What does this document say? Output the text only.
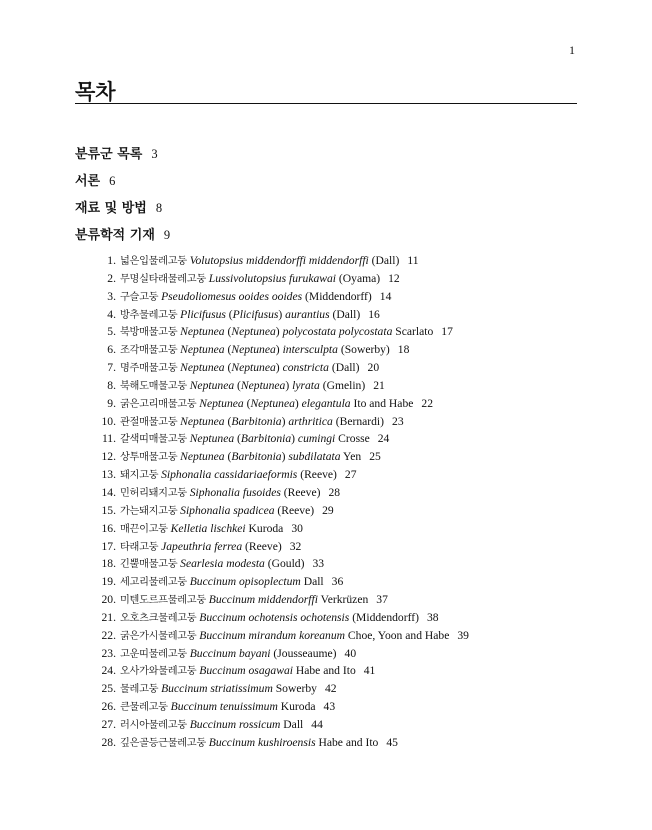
1
목차
분류군 목록 3
서론 6
재료 및 방법 8
분류학적 기재 9
1. 넓은입물레고둥 Volutopsius middendorffi middendorffi (Dall) 11
2. 무명실타래물레고둥 Lussivolutopsius furukawai (Oyama) 12
3. 구슬고둥 Pseudoliomesus ooides ooides (Middendorff) 14
4. 방추물레고둥 Plicifusus (Plicifusus) aurantius (Dall) 16
5. 북방매물고둥 Neptunea (Neptunea) polycostata polycostata Scarlato 17
6. 조각매물고둥 Neptunea (Neptunea) intersculpta (Sowerby) 18
7. 명주매물고둥 Neptunea (Neptunea) constricta (Dall) 20
8. 북해도매물고둥 Neptunea (Neptunea) lyrata (Gmelin) 21
9. 굵은고리매물고둥 Neptunea (Neptunea) elegantula Ito and Habe 22
10. 관절매물고둥 Neptunea (Barbitonia) arthritica (Bernardi) 23
11. 갈색띠매물고둥 Neptunea (Barbitonia) cumingi Crosse 24
12. 상투매물고둥 Neptunea (Barbitonia) subdilatata Yen 25
13. 돼지고둥 Siphonalia cassidariaeformis (Reeve) 27
14. 민허리돼지고둥 Siphonalia fusoides (Reeve) 28
15. 가는돼지고둥 Siphonalia spadicea (Reeve) 29
16. 매끈이고둥 Kelletia lischkei Kuroda 30
17. 타래고둥 Japeuthria ferrea (Reeve) 32
18. 긴뿔매물고둥 Searlesia modesta (Gould) 33
19. 세고리물레고둥 Buccinum opisoplectum Dall 36
20. 미텐도르프물레고둥 Buccinum middendorffi Verkrüzen 37
21. 오호츠크물레고둥 Buccinum ochotensis ochotensis (Middendorff) 38
22. 굵은가시물레고둥 Buccinum mirandum koreanum Choe, Yoon and Habe 39
23. 고운띠물레고둥 Buccinum bayani (Jousseaume) 40
24. 오사가와물레고둥 Buccinum osagawai Habe and Ito 41
25. 물레고둥 Buccinum striatissimum Sowerby 42
26. 큰물레고둥 Buccinum tenuissimum Kuroda 43
27. 러시아물레고둥 Buccinum rossicum Dall 44
28. 깊은골등근물레고둥 Buccinum kushiroensis Habe and Ito 45
